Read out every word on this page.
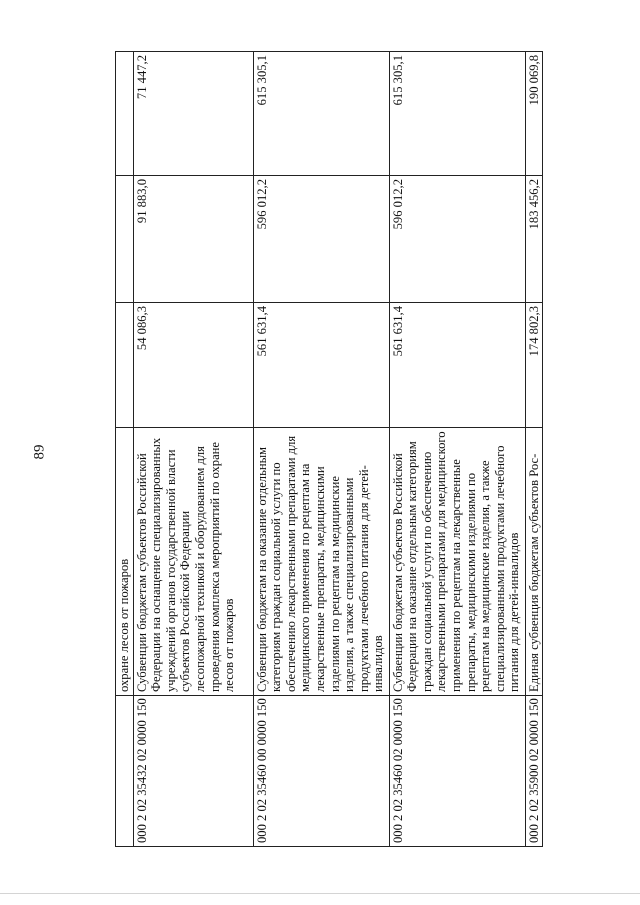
89
	охране лесов от пожаров			
000 2 02 35432 02 0000 150	Субвенции бюджетам субъектов Российской Федерации на оснащение специализированных учреждений органов государственной власти субъектов Российской Федерации лесопожарной техникой и оборудованием для проведения комплекса мероприятий по охране лесов от пожаров	54 086,3	91 883,0	71 447,2
000 2 02 35460 00 0000 150	Субвенции бюджетам на оказание отдельным категориям граждан социальной услуги по обеспечению лекарственными препаратами для медицинского применения по рецептам на лекарственные препараты, медицинскими изделиями по рецептам на медицинские изделия, а также специализированными продуктами лечебного питания для детей-инвалидов	561 631,4	596 012,2	615 305,1
000 2 02 35460 02 0000 150	Субвенции бюджетам субъектов Российской Федерации на оказание отдельным категориям граждан социальной услуги по обеспечению лекарственными препаратами для медицинского применения по рецептам на лекарственные препараты, медицинскими изделиями по рецептам на медицинские изделия, а также специализированными продуктами лечебного питания для детей-инвалидов	561 631,4	596 012,2	615 305,1
000 2 02 35900 02 0000 150	Единая субвенция бюджетам субъектов Рос-	174 802,3	183 456,2	190 069,8
